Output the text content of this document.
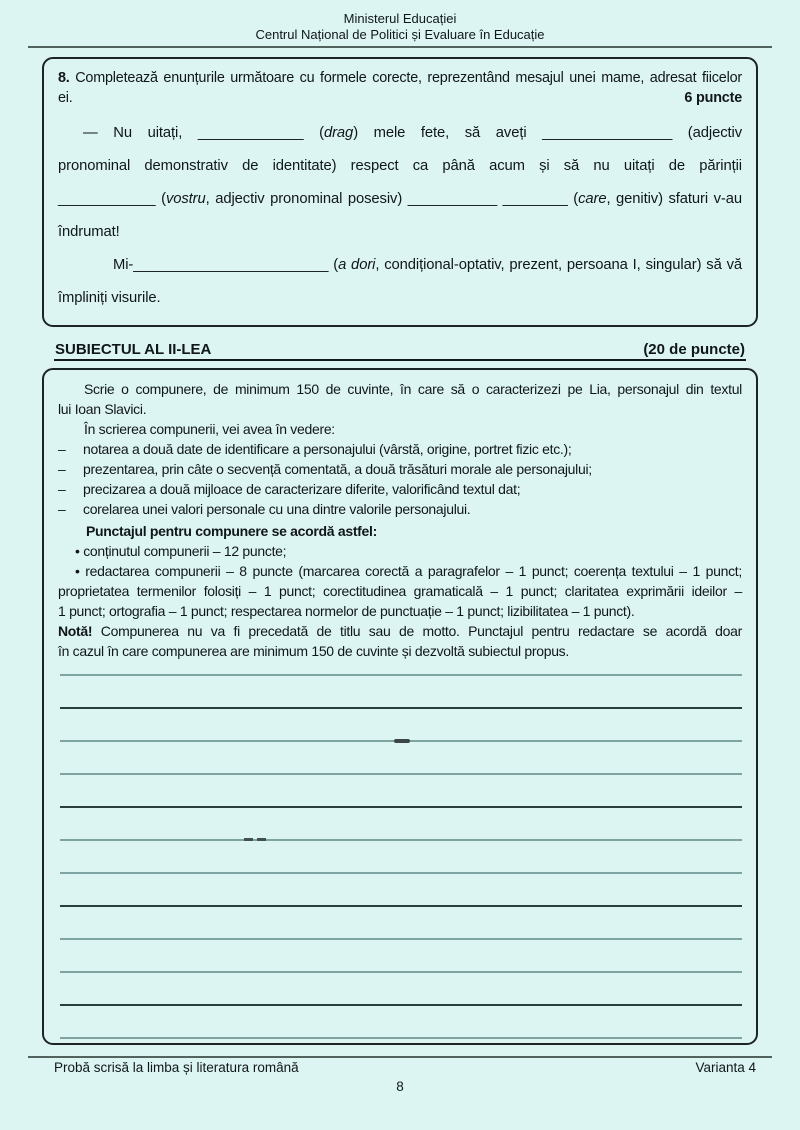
Ministerul Educației
Centrul Național de Politici și Evaluare în Educație
8. Completează enunțurile următoare cu formele corecte, reprezentând mesajul unei mame, adresat fiicelor
ei.	6 puncte
— Nu uitați, _____________ (drag) mele fete, să aveți ________________ (adjectiv
pronominal demonstrativ de identitate) respect ca până acum și să nu uitați de părinții
____________ (vostru, adjectiv pronominal posesiv) ___________ ________ (care, genitiv) sfaturi v-au
îndrumat!
Mi-________________________ (a dori, condițional-optativ, prezent, persoana I, singular) să vă
împliniți visurile.
SUBIECTUL AL II-LEA	(20 de puncte)
Scrie o compunere, de minimum 150 de cuvinte, în care să o caracterizezi pe Lia, personajul din textul
lui Ioan Slavici.

În scrierea compunerii, vei avea în vedere:

–	notarea a două date de identificare a personajului (vârstă, origine, portret fizic etc.);
–	prezentarea, prin câte o secvență comentată, a două trăsături morale ale personajului;
–	precizarea a două mijloace de caracterizare diferite, valorificând textul dat;
–	corelarea unei valori personale cu una dintre valorile personajului.

Punctajul pentru compunere se acordă astfel:

• conținutul compunerii – 12 puncte;
• redactarea compunerii – 8 puncte (marcarea corectă a paragrafelor – 1 punct; coerența textului – 1 punct;
proprietatea termenilor folosiți – 1 punct; corectitudinea gramaticală – 1 punct; claritatea exprimării ideilor –
1 punct; ortografia – 1 punct; respectarea normelor de punctuație – 1 punct; lizibilitatea – 1 punct).
Notă! Compunerea nu va fi precedată de titlu sau de motto. Punctajul pentru redactare se acordă doar
în cazul în care compunerea are minimum 150 de cuvinte și dezvoltă subiectul propus.
Probă scrisă la limba și literatura română	Varianta 4
8
